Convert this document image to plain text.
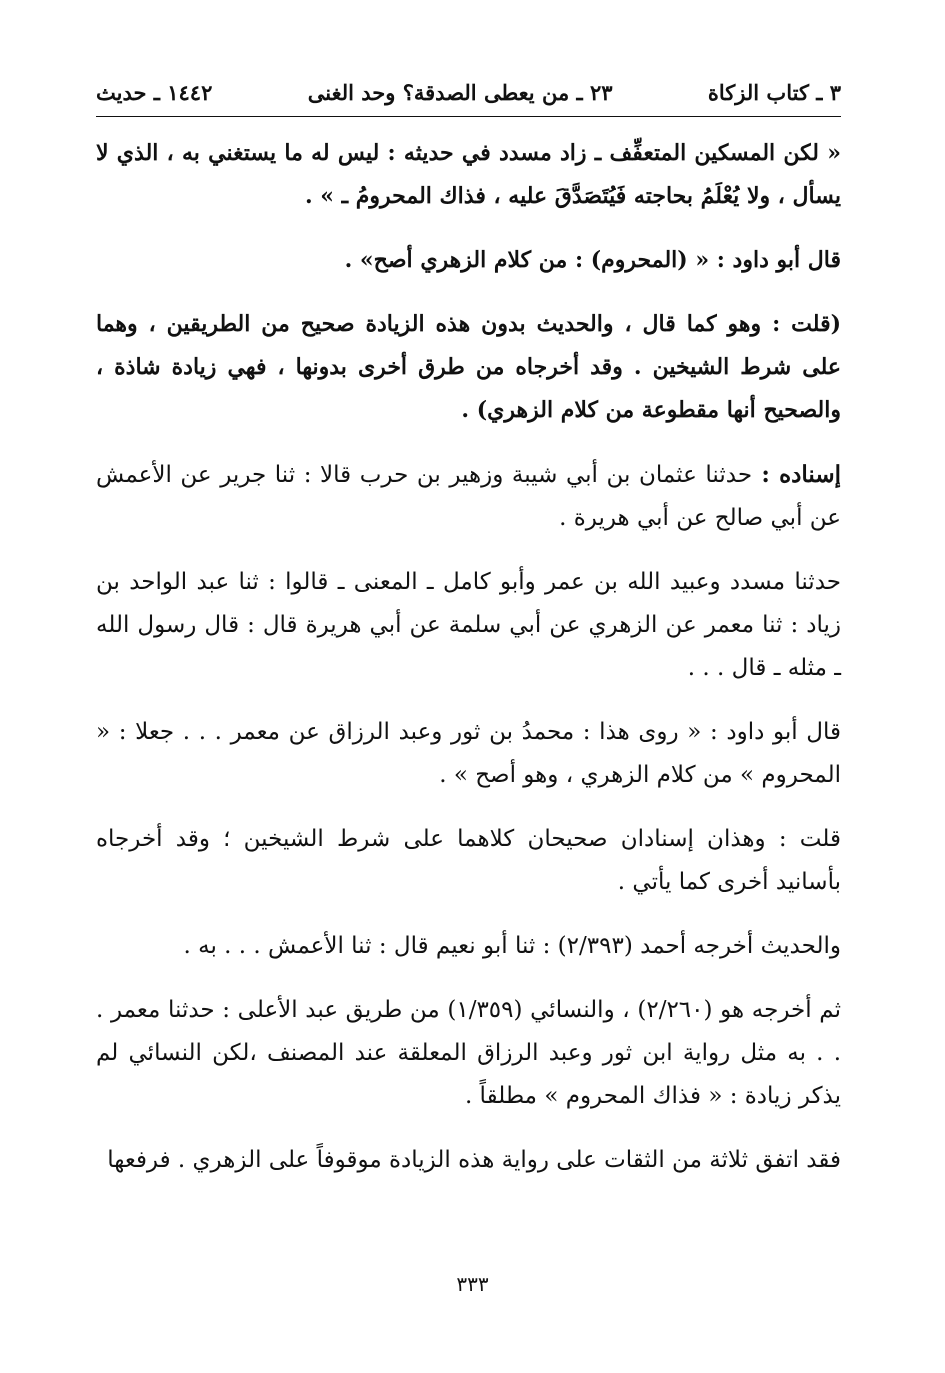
٣ ـ كتاب الزكاة
٢٣ ـ من يعطى الصدقة؟ وحد الغنى
١٤٤٢ ـ حديث

« لكن المسكين المتعفِّف ـ زاد مسدد في حديثه : ليس له ما يستغني به ، الذي لا يسأل ، ولا يُعْلَمُ بحاجته فَيُتَصَدَّقَ عليه ، فذاك المحرومُ ـ » .

قال أبو داود : « (المحروم) : من كلام الزهري أصح» .

(قلت : وهو كما قال ، والحديث بدون هذه الزيادة صحيح من الطريقين ، وهما على شرط الشيخين . وقد أخرجاه من طرق أخرى بدونها ، فهي زيادة شاذة ، والصحيح أنها مقطوعة من كلام الزهري) .

إسناده : حدثنا عثمان بن أبي شيبة وزهير بن حرب قالا : ثنا جرير عن الأعمش عن أبي صالح عن أبي هريرة .

حدثنا مسدد وعبيد الله بن عمر وأبو كامل ـ المعنى ـ قالوا : ثنا عبد الواحد بن زياد : ثنا معمر عن الزهري عن أبي سلمة عن أبي هريرة قال : قال رسول الله ـ مثله ـ قال . . .

قال أبو داود : « روى هذا : محمدُ بن ثور وعبد الرزاق عن معمر . . . جعلا : « المحروم » من كلام الزهري ، وهو أصح » .

قلت : وهذان إسنادان صحيحان كلاهما على شرط الشيخين ؛ وقد أخرجاه بأسانيد أخرى كما يأتي .

والحديث أخرجه أحمد (٢/٣٩٣) : ثنا أبو نعيم قال : ثنا الأعمش . . . به .

ثم أخرجه هو (٢/٢٦٠) ، والنسائي (١/٣٥٩) من طريق عبد الأعلى : حدثنا معمر . . . به مثل رواية ابن ثور وعبد الرزاق المعلقة عند المصنف ،لكن النسائي لم يذكر زيادة : « فذاك المحروم » مطلقاً .

فقد اتفق ثلاثة من الثقات على رواية هذه الزيادة موقوفاً على الزهري . فرفعها

٣٣٣
